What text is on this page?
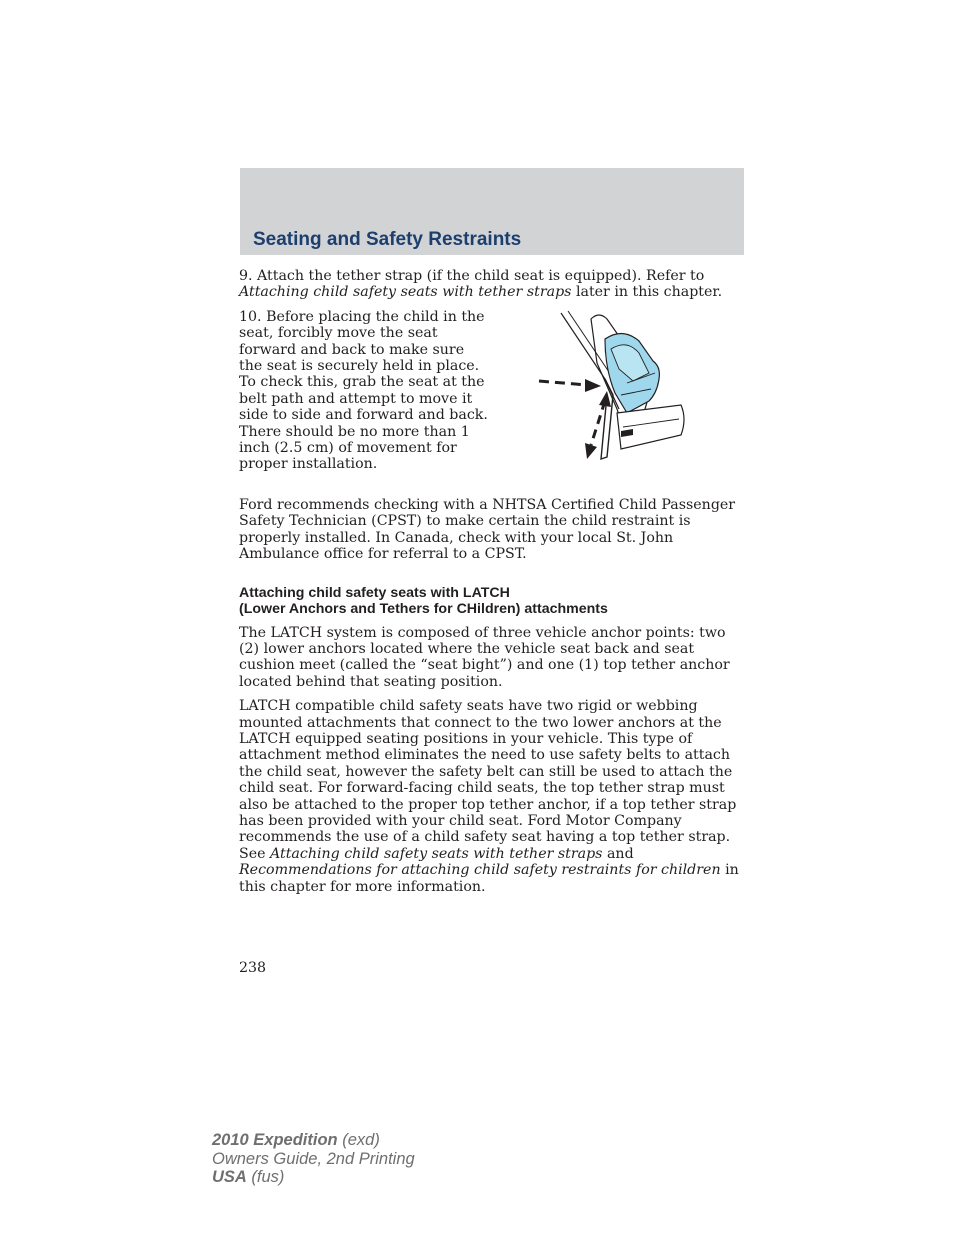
Seating and Safety Restraints

9. Attach the tether strap (if the child seat is equipped). Refer to Attaching child safety seats with tether straps later in this chapter.

10. Before placing the child in the seat, forcibly move the seat forward and back to make sure the seat is securely held in place. To check this, grab the seat at the belt path and attempt to move it side to side and forward and back. There should be no more than 1 inch (2.5 cm) of movement for proper installation.

Ford recommends checking with a NHTSA Certified Child Passenger Safety Technician (CPST) to make certain the child restraint is properly installed. In Canada, check with your local St. John Ambulance office for referral to a CPST.

Attaching child safety seats with LATCH
(Lower Anchors and Tethers for CHildren) attachments

The LATCH system is composed of three vehicle anchor points: two (2) lower anchors located where the vehicle seat back and seat cushion meet (called the “seat bight”) and one (1) top tether anchor located behind that seating position.

LATCH compatible child safety seats have two rigid or webbing mounted attachments that connect to the two lower anchors at the LATCH equipped seating positions in your vehicle. This type of attachment method eliminates the need to use safety belts to attach the child seat, however the safety belt can still be used to attach the child seat. For forward-facing child seats, the top tether strap must also be attached to the proper top tether anchor, if a top tether strap has been provided with your child seat. Ford Motor Company recommends the use of a child safety seat having a top tether strap. See Attaching child safety seats with tether straps and Recommendations for attaching child safety restraints for children in this chapter for more information.

238
2010 Expedition (exd)
Owners Guide, 2nd Printing
USA (fus)
